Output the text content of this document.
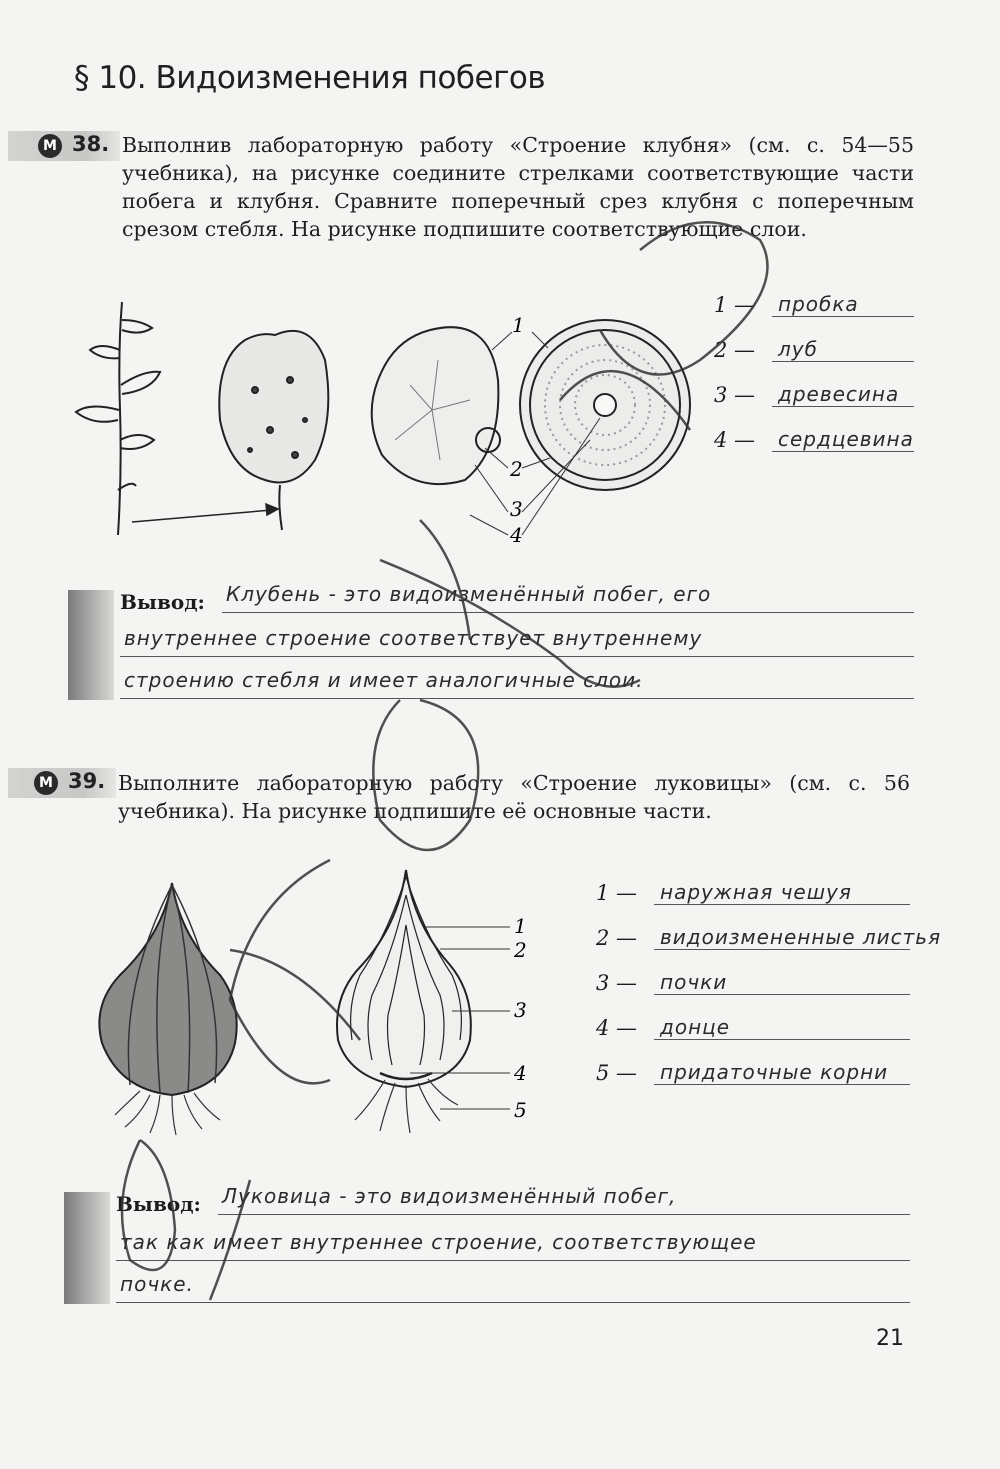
§ 10. Видоизменения побегов
М 38. Выполнив лабораторную работу «Строение клубня» (см. с. 54—55 учебника), на рисунке соедините стрелками соответствующие части побега и клубня. Сравните поперечный срез клубня с поперечным срезом стебля. На рисунке подпишите соответствующие слои.
1
2
3
4
1 —	пробка
2 —	луб
3 —	древесина
4 —	сердцевина
Вывод: Клубень - это видоизменённый побег, его
внутреннее строение соответствует внутреннему
строению стебля и имеет аналогичные слои.
М 39. Выполните лабораторную работу «Строение луковицы» (см. с. 56 учебника). На рисунке подпишите её основные части.
1
2
3
4
5
1 —	наружная чешуя
2 —	видоизмененные листья
3 —	почки
4 —	донце
5 —	придаточные корни
Вывод: Луковица - это видоизменённый побег,
так как имеет внутреннее строение, соответствующее
почке.
21
